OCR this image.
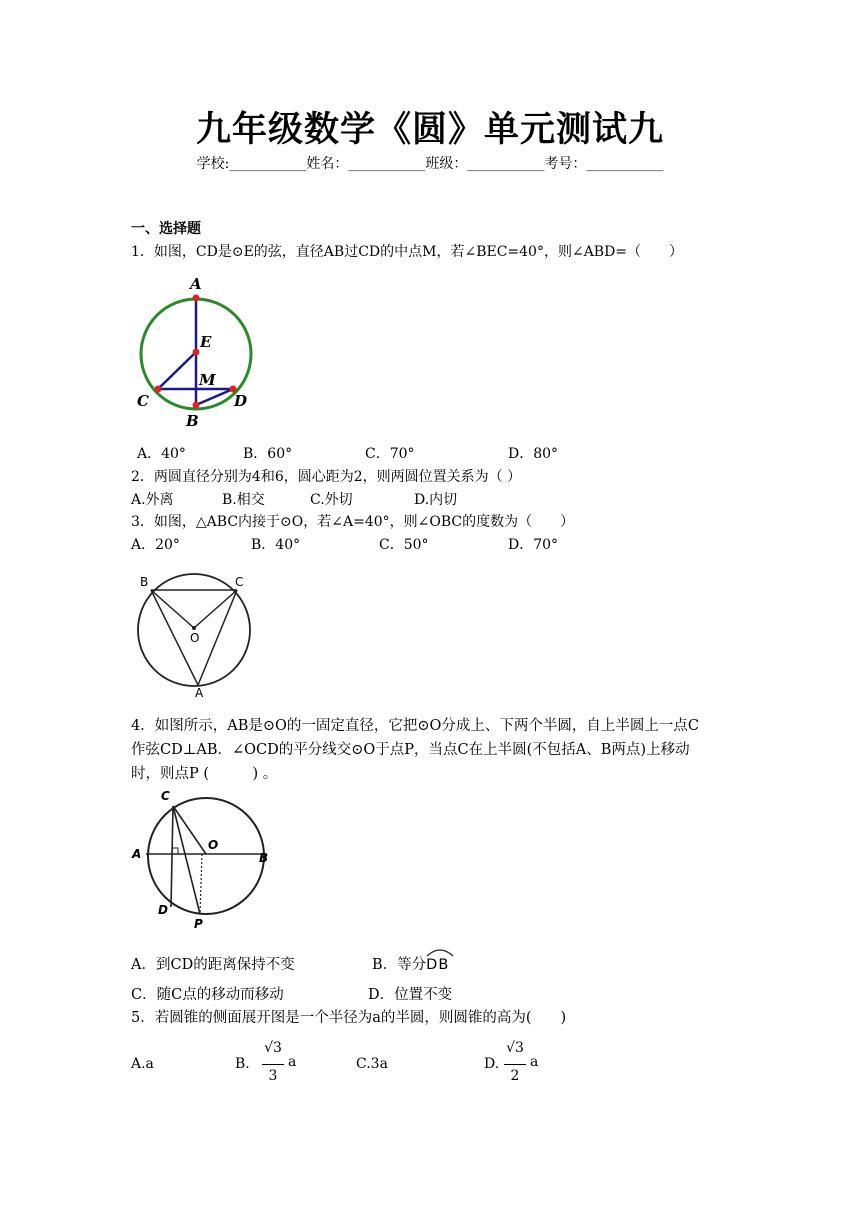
九年级数学《圆》单元测试九
学校:___________姓名：___________班级：___________考号：___________
一、选择题
1．如图，CD是⊙E的弦，直径AB过CD的中点M，若∠BEC=40°，则∠ABD=（　　）
A
E
M
C	D
B
A．40°	B．60°	C．70°	D．80°
2．两圆直径分别为4和6，圆心距为2，则两圆位置关系为（ ）
A.外离	B.相交	C.外切	D.内切
3．如图，△ABC内接于⊙O，若∠A=40°，则∠OBC的度数为（　　）
A．20°	B．40°	C．50°	D．70°
B	C
O
A
4．如图所示，AB是⊙O的一固定直径，它把⊙O分成上、下两个半圆，自上半圆上一点C
作弦CD⊥AB．∠OCD的平分线交⊙O于点P，当点C在上半圆(不包括A、B两点)上移动
时，则点P (　　　) 。
C
A
O
B
D
P
A．到CD的距离保持不变	B．等分
DB
C．随C点的移动而移动	D．位置不变
5．若圆锥的侧面展开图是一个半径为a的半圆，则圆锥的高为(　　)
A.a	B.
√3
3
a	C.3a	D.
√3
2
a
